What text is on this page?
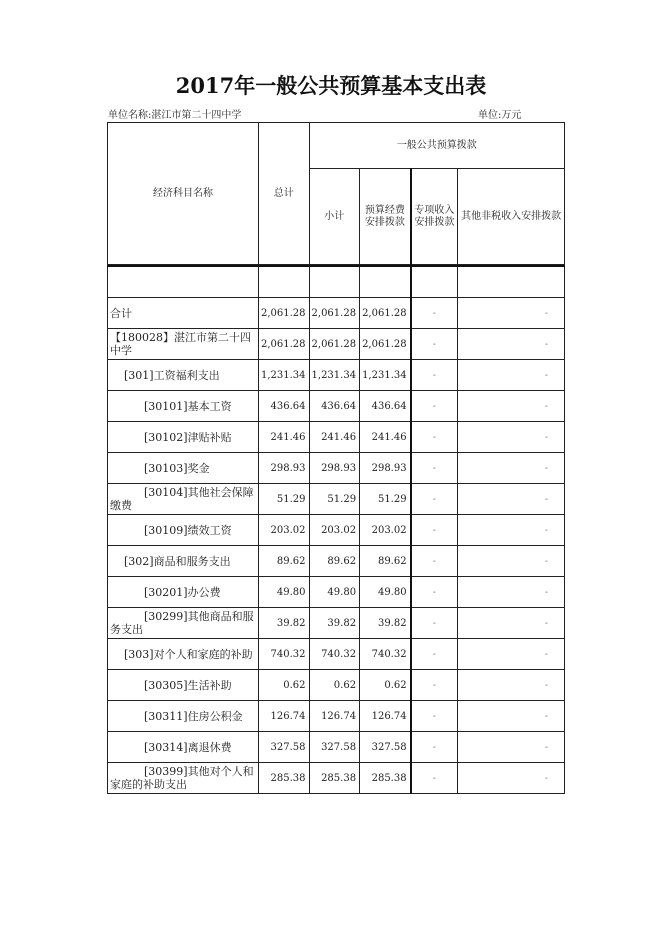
2017年一般公共预算基本支出表
单位名称:湛江市第二十四中学	单位:万元
经济科目名称	总计	一般公共预算拨款			
		小计	预算经费安排拨款	专项收入 安排拨款	其他非税收入安排拨款

合计	2,061.28	2,061.28	2,061.28	-	-
【180028】湛江市第二十四中学	2,061.28	2,061.28	2,061.28	-	-
[301]工资福利支出	1,231.34	1,231.34	1,231.34	-	-
[30101]基本工资	436.64	436.64	436.64	-	-
[30102]津贴补贴	241.46	241.46	241.46	-	-
[30103]奖金	298.93	298.93	298.93	-	-
[30104]其他社会保障缴费	51.29	51.29	51.29	-	-
[30109]绩效工资	203.02	203.02	203.02	-	-
[302]商品和服务支出	89.62	89.62	89.62	-	-
[30201]办公费	49.80	49.80	49.80	-	-
[30299]其他商品和服务支出	39.82	39.82	39.82	-	-
[303]对个人和家庭的补助	740.32	740.32	740.32	-	-
[30305]生活补助	0.62	0.62	0.62	-	-
[30311]住房公积金	126.74	126.74	126.74	-	-
[30314]离退休费	327.58	327.58	327.58	-	-
[30399]其他对个人和家庭的补助支出	285.38	285.38	285.38	-	-
